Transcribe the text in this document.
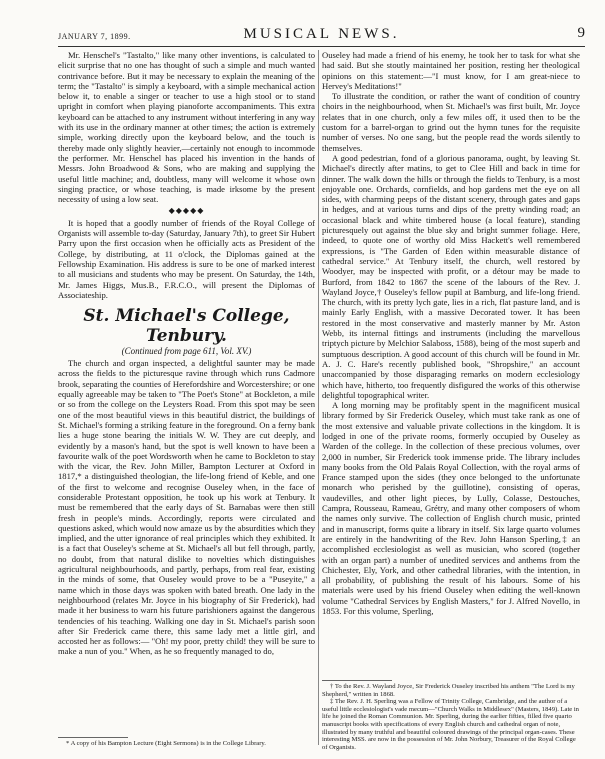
JANUARY 7, 1899.	MUSICAL NEWS.	9

Mr. Henschel's "Tastalto," like many other inventions, is calculated to elicit surprise that no one has thought of such a simple and much wanted contrivance before. But it may be necessary to explain the meaning of the term; the "Tastalto" is simply a keyboard, with a simple mechanical action below it, to enable a singer or teacher to use a high stool or to stand upright in comfort when playing pianoforte accompaniments. This extra keyboard can be attached to any instrument without interfering in any way with its use in the ordinary manner at other times; the action is extremely simple, working directly upon the keyboard below, and the touch is thereby made only slightly heavier,—certainly not enough to incommode the performer. Mr. Henschel has placed his invention in the hands of Messrs. John Broadwood & Sons, who are making and supplying the useful little machine; and, doubtless, many will welcome it whose own singing practice, or whose teaching, is made irksome by the present necessity of using a low seat.

◆◆◆◆◆

It is hoped that a goodly number of friends of the Royal College of Organists will assemble to-day (Saturday, January 7th), to greet Sir Hubert Parry upon the first occasion when he officially acts as President of the College, by distributing, at 11 o'clock, the Diplomas gained at the Fellowship Examination. His address is sure to be one of marked interest to all musicians and students who may be present. On Saturday, the 14th, Mr. James Higgs, Mus.B., F.R.C.O., will present the Diplomas of Associateship.

St. Michael's College, Tenbury.
(Continued from page 611, Vol. XV.)

The church and organ inspected, a delightful saunter may be made across the fields to the picturesque ravine through which runs Cadmore brook, separating the counties of Herefordshire and Worcestershire; or one equally agreeable may be taken to "The Poet's Stone" at Bockleton, a mile or so from the college on the Leysters Road. From this spot may be seen one of the most beautiful views in this beautiful district, the buildings of St. Michael's forming a striking feature in the foreground. On a ferny bank lies a huge stone bearing the initials W. W. They are cut deeply, and evidently by a mason's hand, but the spot is well known to have been a favourite walk of the poet Wordsworth when he came to Bockleton to stay with the vicar, the Rev. John Miller, Bampton Lecturer at Oxford in 1817,* a distinguished theologian, the life-long friend of Keble, and one of the first to welcome and recognise Ouseley when, in the face of considerable Protestant opposition, he took up his work at Tenbury. It must be remembered that the early days of St. Barnabas were then still fresh in people's minds. Accordingly, reports were circulated and questions asked, which would now amaze us by the absurdities which they implied, and the utter ignorance of real principles which they exhibited. It is a fact that Ouseley's scheme at St. Michael's all but fell through, partly, no doubt, from that natural dislike to novelties which distinguishes agricultural neighbourhoods, and partly, perhaps, from real fear, existing in the minds of some, that Ouseley would prove to be a "Puseyite," a name which in those days was spoken with bated breath. One lady in the neighbourhood (relates Mr. Joyce in his biography of Sir Frederick), had made it her business to warn his future parishioners against the dangerous tendencies of his teaching. Walking one day in St. Michael's parish soon after Sir Frederick came there, this same lady met a little girl, and accosted her as follows:— "Oh! my poor, pretty child! they will be sure to make a nun of you." When, as he so frequently managed to do,

* A copy of his Bampton Lecture (Eight Sermons) is in the College Library.

Ouseley had made a friend of his enemy, he took her to task for what she had said. But she stoutly maintained her position, resting her theological opinions on this statement:—"I must know, for I am great-niece to Hervey's Meditations!"

To illustrate the condition, or rather the want of condition of country choirs in the neighbourhood, when St. Michael's was first built, Mr. Joyce relates that in one church, only a few miles off, it used then to be the custom for a barrel-organ to grind out the hymn tunes for the requisite number of verses. No one sang, but the people read the words silently to themselves.

A good pedestrian, fond of a glorious panorama, ought, by leaving St. Michael's directly after matins, to get to Clee Hill and back in time for dinner. The walk down the hills or through the fields to Tenbury, is a most enjoyable one. Orchards, cornfields, and hop gardens met the eye on all sides, with charming peeps of the distant scenery, through gates and gaps in hedges, and at various turns and dips of the pretty winding road; an occasional black and white timbered house (a local feature), standing picturesquely out against the blue sky and bright summer foliage. Here, indeed, to quote one of worthy old Miss Hackett's well remembered expressions, is "The Garden of Eden within measurable distance of cathedral service." At Tenbury itself, the church, well restored by Woodyer, may be inspected with profit, or a détour may be made to Burford, from 1842 to 1867 the scene of the labours of the Rev. J. Wayland Joyce,† Ouseley's fellow pupil at Bamburg, and life-long friend. The church, with its pretty lych gate, lies in a rich, flat pasture land, and is mainly Early English, with a massive Decorated tower. It has been restored in the most conservative and masterly manner by Mr. Aston Webb, its internal fittings and instruments (including the marvellous triptych picture by Melchior Salaboss, 1588), being of the most superb and sumptuous description. A good account of this church will be found in Mr. A. J. C. Hare's recently published book, "Shropshire," an account unaccompanied by those disparaging remarks on modern ecclesiology which have, hitherto, too frequently disfigured the works of this otherwise delightful topographical writer.

A long morning may be profitably spent in the magnificent musical library formed by Sir Frederick Ouseley, which must take rank as one of the most extensive and valuable private collections in the kingdom. It is lodged in one of the private rooms, formerly occupied by Ouseley as Warden of the college. In the collection of these precious volumes, over 2,000 in number, Sir Frederick took immense pride. The library includes many books from the Old Palais Royal Collection, with the royal arms of France stamped upon the sides (they once belonged to the unfortunate monarch who perished by the guillotine), consisting of operas, vaudevilles, and other light pieces, by Lully, Colasse, Destouches, Campra, Rousseau, Rameau, Grétry, and many other composers of whom the names only survive. The collection of English church music, printed and in manuscript, forms quite a library in itself. Six large quarto volumes are entirely in the handwriting of the Rev. John Hanson Sperling,‡ an accomplished ecclesiologist as well as musician, who scored (together with an organ part) a number of unedited services and anthems from the Chichester, Ely, York, and other cathedral libraries, with the intention, in all probability, of publishing the result of his labours. Some of his materials were used by his friend Ouseley when editing the well-known volume "Cathedral Services by English Masters," for J. Alfred Novello, in 1853. For this volume, Sperling,

† To the Rev. J. Wayland Joyce, Sir Frederick Ouseley inscribed his anthem "The Lord is my Shepherd," written in 1868.

‡ The Rev. J. H. Sperling was a Fellow of Trinity College, Cambridge, and the author of a useful little ecclesiologist's vade mecum—"Church Walks in Middlesex" (Masters, 1849). Late in life he joined the Roman Communion. Mr. Sperling, during the earlier fifties, filled five quarto manuscript books with specifications of every English church and cathedral organ of note, illustrated by many truthful and beautiful coloured drawings of the principal organ-cases. These interesting MSS. are now in the possession of Mr. John Norbury, Treasurer of the Royal College of Organists.
